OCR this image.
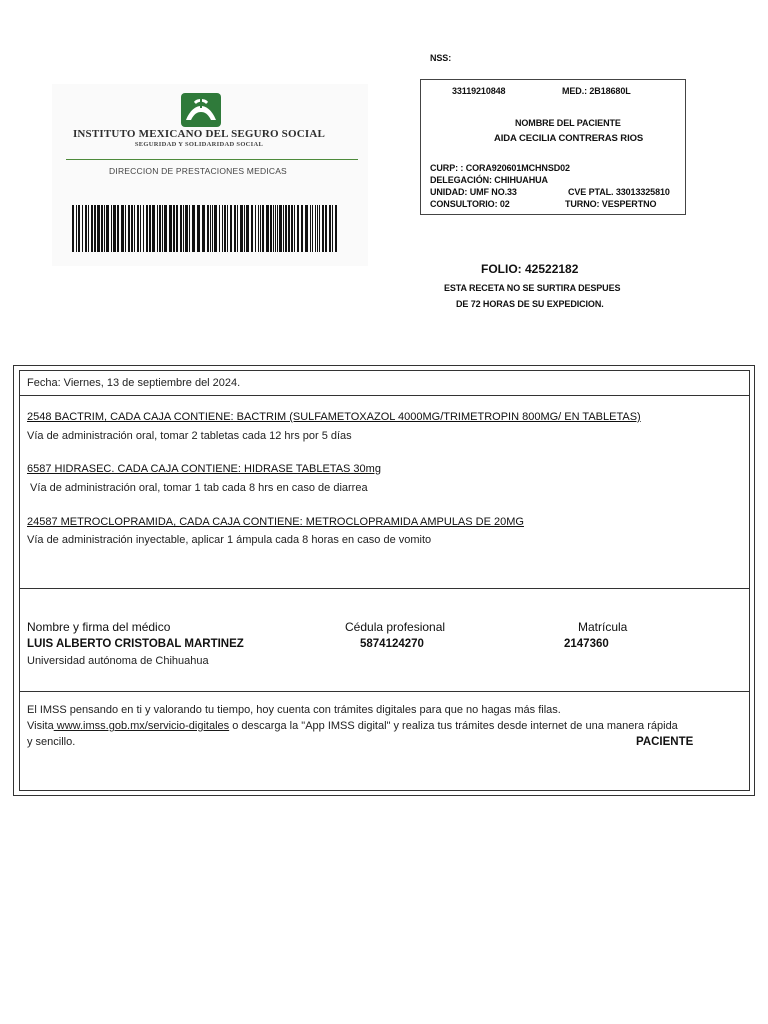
NSS:
INSTITUTO MEXICANO DEL SEGURO SOCIAL
SEGURIDAD Y SOLIDARIDAD SOCIAL
DIRECCION DE PRESTACIONES MEDICAS
33119210848	MED.: 2B18680L
NOMBRE DEL PACIENTE
AIDA CECILIA CONTRERAS RIOS
CURP: : CORA920601MCHNSD02
DELEGACIÓN: CHIHUAHUA
UNIDAD: UMF NO.33	CVE PTAL. 33013325810
CONSULTORIO: 02	TURNO: VESPERTNO
FOLIO: 42522182
ESTA RECETA NO SE SURTIRA DESPUES
DE 72 HORAS DE SU EXPEDICION.
Fecha: Viernes, 13 de septiembre del 2024.
2548 BACTRIM, CADA CAJA CONTIENE: BACTRIM (SULFAMETOXAZOL 4000MG/TRIMETROPIN 800MG/ EN TABLETAS)
Vía de administración oral, tomar 2 tabletas cada 12 hrs por 5 días
6587 HIDRASEC. CADA CAJA CONTIENE: HIDRASE TABLETAS 30mg
Vía de administración oral, tomar 1 tab cada 8 hrs en caso de diarrea
24587 METROCLOPRAMIDA, CADA CAJA CONTIENE: METROCLOPRAMIDA AMPULAS DE 20MG
Vía de administración inyectable, aplicar 1 ámpula cada 8 horas en caso de vomito
Nombre y firma del médico	Cédula profesional	Matrícula
LUIS ALBERTO CRISTOBAL MARTINEZ	5874124270	2147360
Universidad autónoma de Chihuahua
El IMSS pensando en ti y valorando tu tiempo, hoy cuenta con trámites digitales para que no hagas más filas.
Visita www.imss.gob.mx/servicio-digitales o descarga la "App IMSS digital" y realiza tus trámites desde internet de una manera rápida
y sencillo.	PACIENTE
